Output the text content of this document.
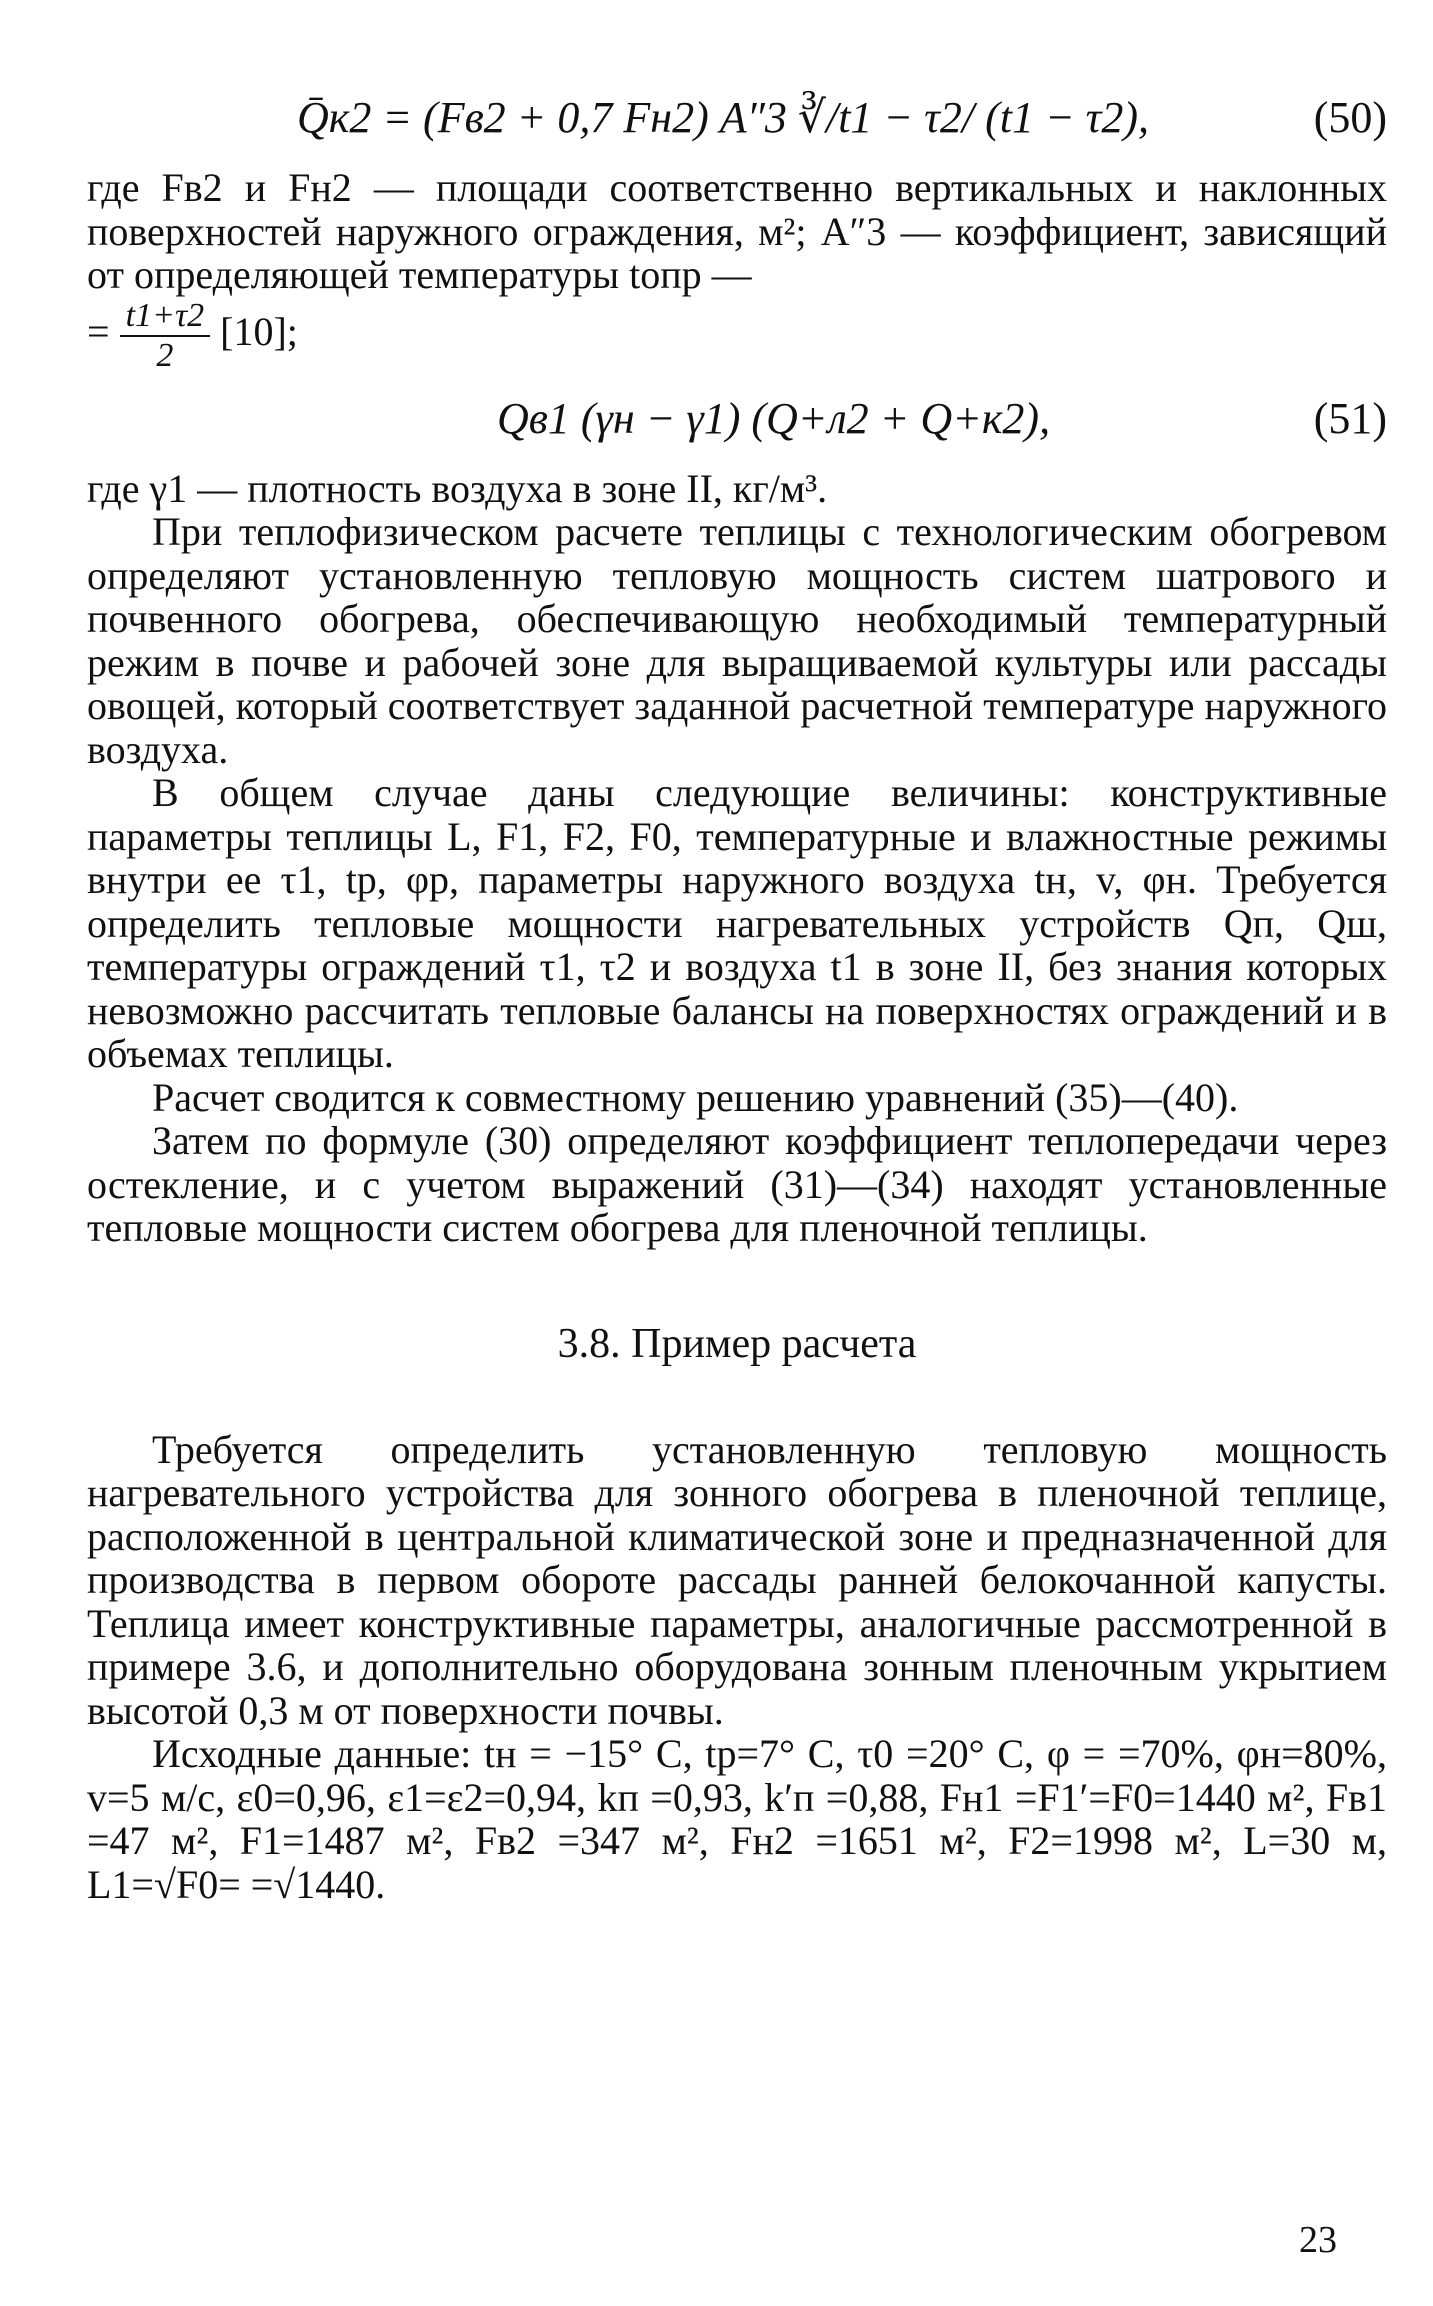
Q̄к2 = (Fв2 + 0,7 Fн2) A″3 ∛/t1 − τ2/ (t1 − τ2),	(50)

где Fв2 и Fн2 — площади соответственно вертикальных и наклонных поверхностей наружного ограждения, м²; A″3 — коэффициент, зависящий от определяющей температуры tопр —
= $\frac{t1+\tau 2}{2} [10]$;

Qв1 (γн − γ1) (Q+л2 + Q+к2),	(51)

где γ1 — плотность воздуха в зоне II, кг/м³.

При теплофизическом расчете теплицы с технологическим обогревом определяют установленную тепловую мощность систем шатрового и почвенного обогрева, обеспечивающую необходимый температурный режим в почве и рабочей зоне для выращиваемой культуры или рассады овощей, который соответствует заданной расчетной температуре наружного воздуха.

В общем случае даны следующие величины: конструктивные параметры теплицы L, F1, F2, F0, температурные и влажностные режимы внутри ее τ1, tр, φр, параметры наружного воздуха tн, v, φн. Требуется определить тепловые мощности нагревательных устройств Qп, Qш, температуры ограждений τ1, τ2 и воздуха t1 в зоне II, без знания которых невозможно рассчитать тепловые балансы на поверхностях ограждений и в объемах теплицы.

Расчет сводится к совместному решению уравнений (35)—(40).

Затем по формуле (30) определяют коэффициент теплопередачи через остекление, и с учетом выражений (31)—(34) находят установленные тепловые мощности систем обогрева для пленочной теплицы.

3.8. Пример расчета

Требуется определить установленную тепловую мощность нагревательного устройства для зонного обогрева в пленочной теплице, расположенной в центральной климатической зоне и предназначенной для производства в первом обороте рассады ранней белокочанной капусты. Теплица имеет конструктивные параметры, аналогичные рассмотренной в примере 3.6, и дополнительно оборудована зонным пленочным укрытием высотой 0,3 м от поверхности почвы.

Исходные данные: tн = −15° С, tр=7° С, τ0 =20° С, φ = =70%, φн=80%, v=5 м/с, ε0=0,96, ε1=ε2=0,94, kп =0,93, k′п =0,88, Fн1 =F1′=F0=1440 м², Fв1 =47 м², F1=1487 м², Fв2 =347 м², Fн2 =1651 м², F2=1998 м², L=30 м, L1=√F0= =√1440.

23
